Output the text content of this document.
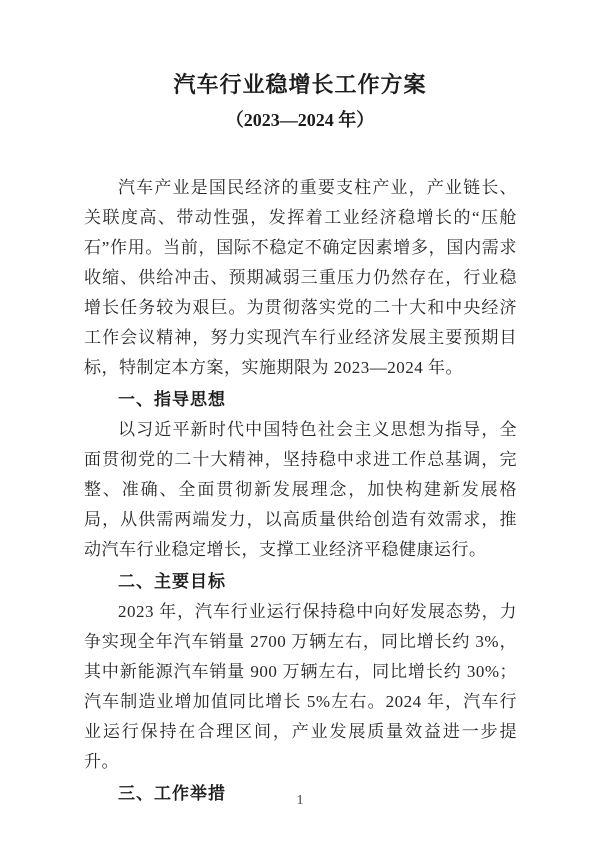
汽车行业稳增长工作方案
（2023—2024 年）

汽车产业是国民经济的重要支柱产业，产业链长、关联度高、带动性强，发挥着工业经济稳增长的“压舱石”作用。当前，国际不稳定不确定因素增多，国内需求收缩、供给冲击、预期减弱三重压力仍然存在，行业稳增长任务较为艰巨。为贯彻落实党的二十大和中央经济工作会议精神，努力实现汽车行业经济发展主要预期目标，特制定本方案，实施期限为 2023—2024 年。

一、指导思想

以习近平新时代中国特色社会主义思想为指导，全面贯彻党的二十大精神，坚持稳中求进工作总基调，完整、准确、全面贯彻新发展理念，加快构建新发展格局，从供需两端发力，以高质量供给创造有效需求，推动汽车行业稳定增长，支撑工业经济平稳健康运行。

二、主要目标

2023 年，汽车行业运行保持稳中向好发展态势，力争实现全年汽车销量 2700 万辆左右，同比增长约 3%，其中新能源汽车销量 900 万辆左右，同比增长约 30%；汽车制造业增加值同比增长 5%左右。2024 年，汽车行业运行保持在合理区间，产业发展质量效益进一步提升。

三、工作举措	1
